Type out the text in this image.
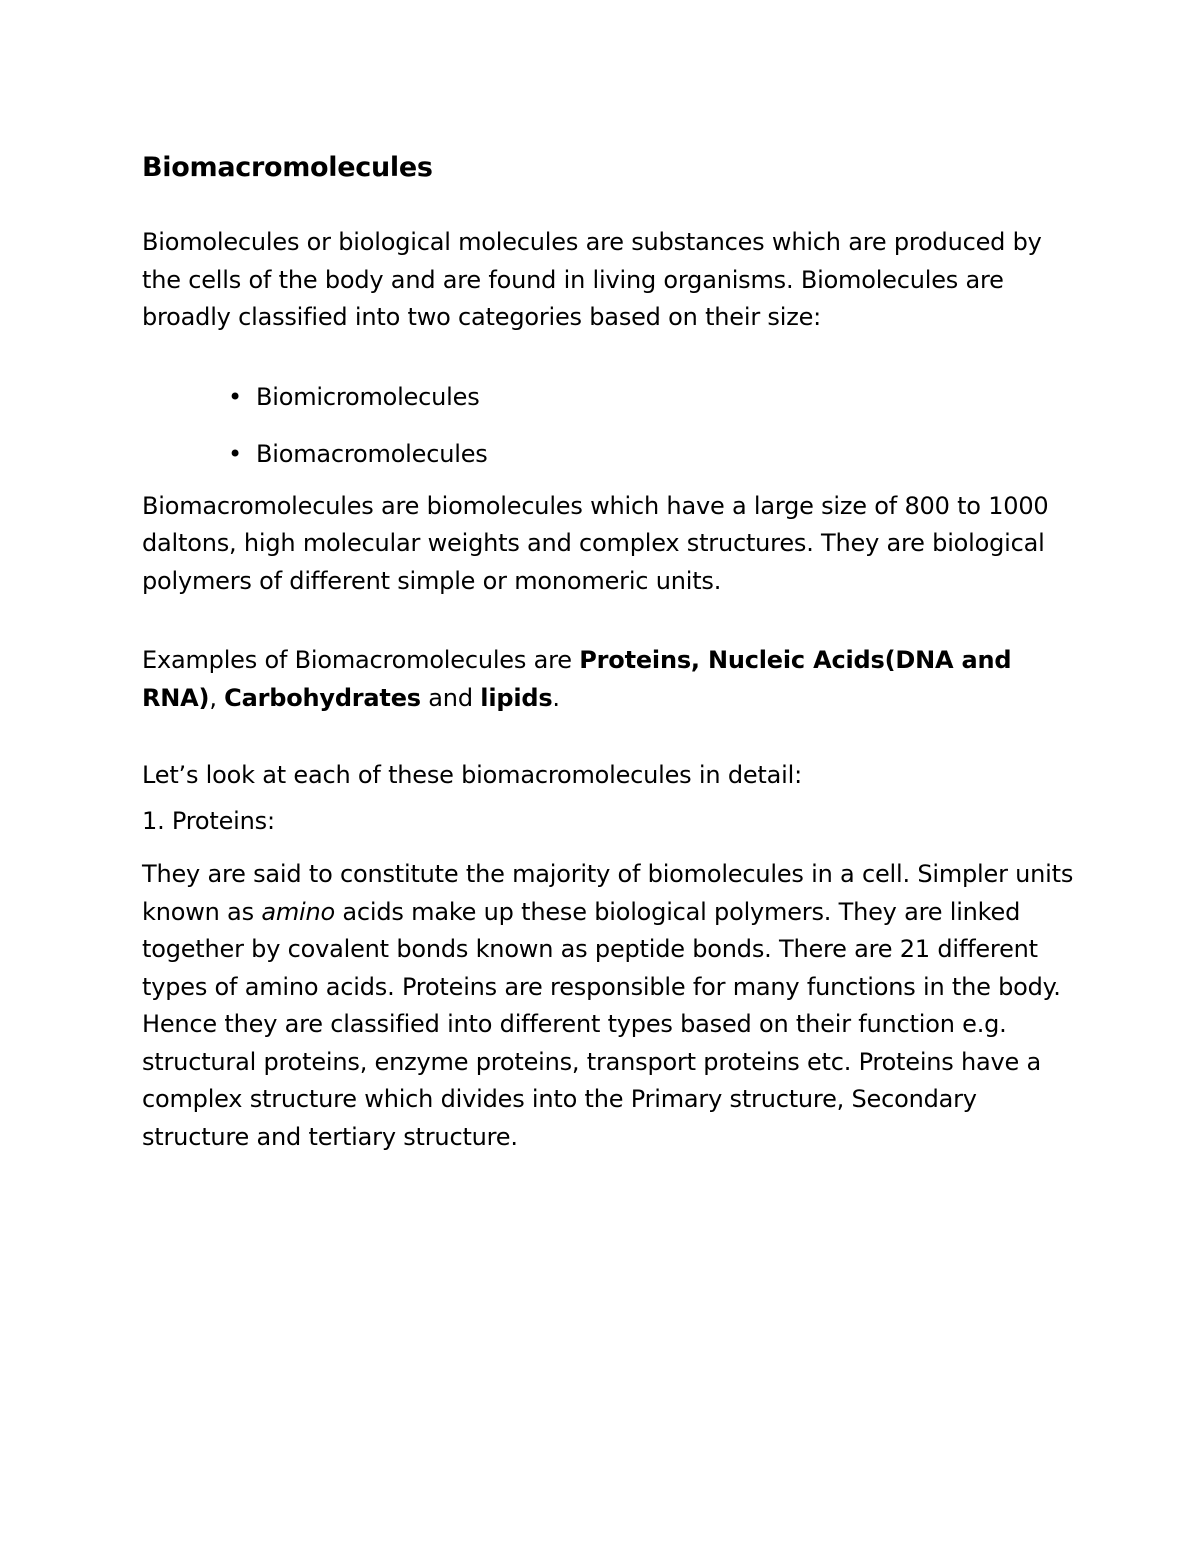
Biomacromolecules

Biomolecules or biological molecules are substances which are produced by the cells of the body and are found in living organisms. Biomolecules are broadly classified into two categories based on their size:

• Biomicromolecules
• Biomacromolecules

Biomacromolecules are biomolecules which have a large size of 800 to 1000 daltons, high molecular weights and complex structures. They are biological polymers of different simple or monomeric units.

Examples of Biomacromolecules are Proteins, Nucleic Acids(DNA and RNA), Carbohydrates and lipids.

Let’s look at each of these biomacromolecules in detail:

1. Proteins:

They are said to constitute the majority of biomolecules in a cell. Simpler units known as amino acids make up these biological polymers. They are linked together by covalent bonds known as peptide bonds. There are 21 different types of amino acids. Proteins are responsible for many functions in the body. Hence they are classified into different types based on their function e.g. structural proteins, enzyme proteins, transport proteins etc. Proteins have a complex structure which divides into the Primary structure, Secondary structure and tertiary structure.
